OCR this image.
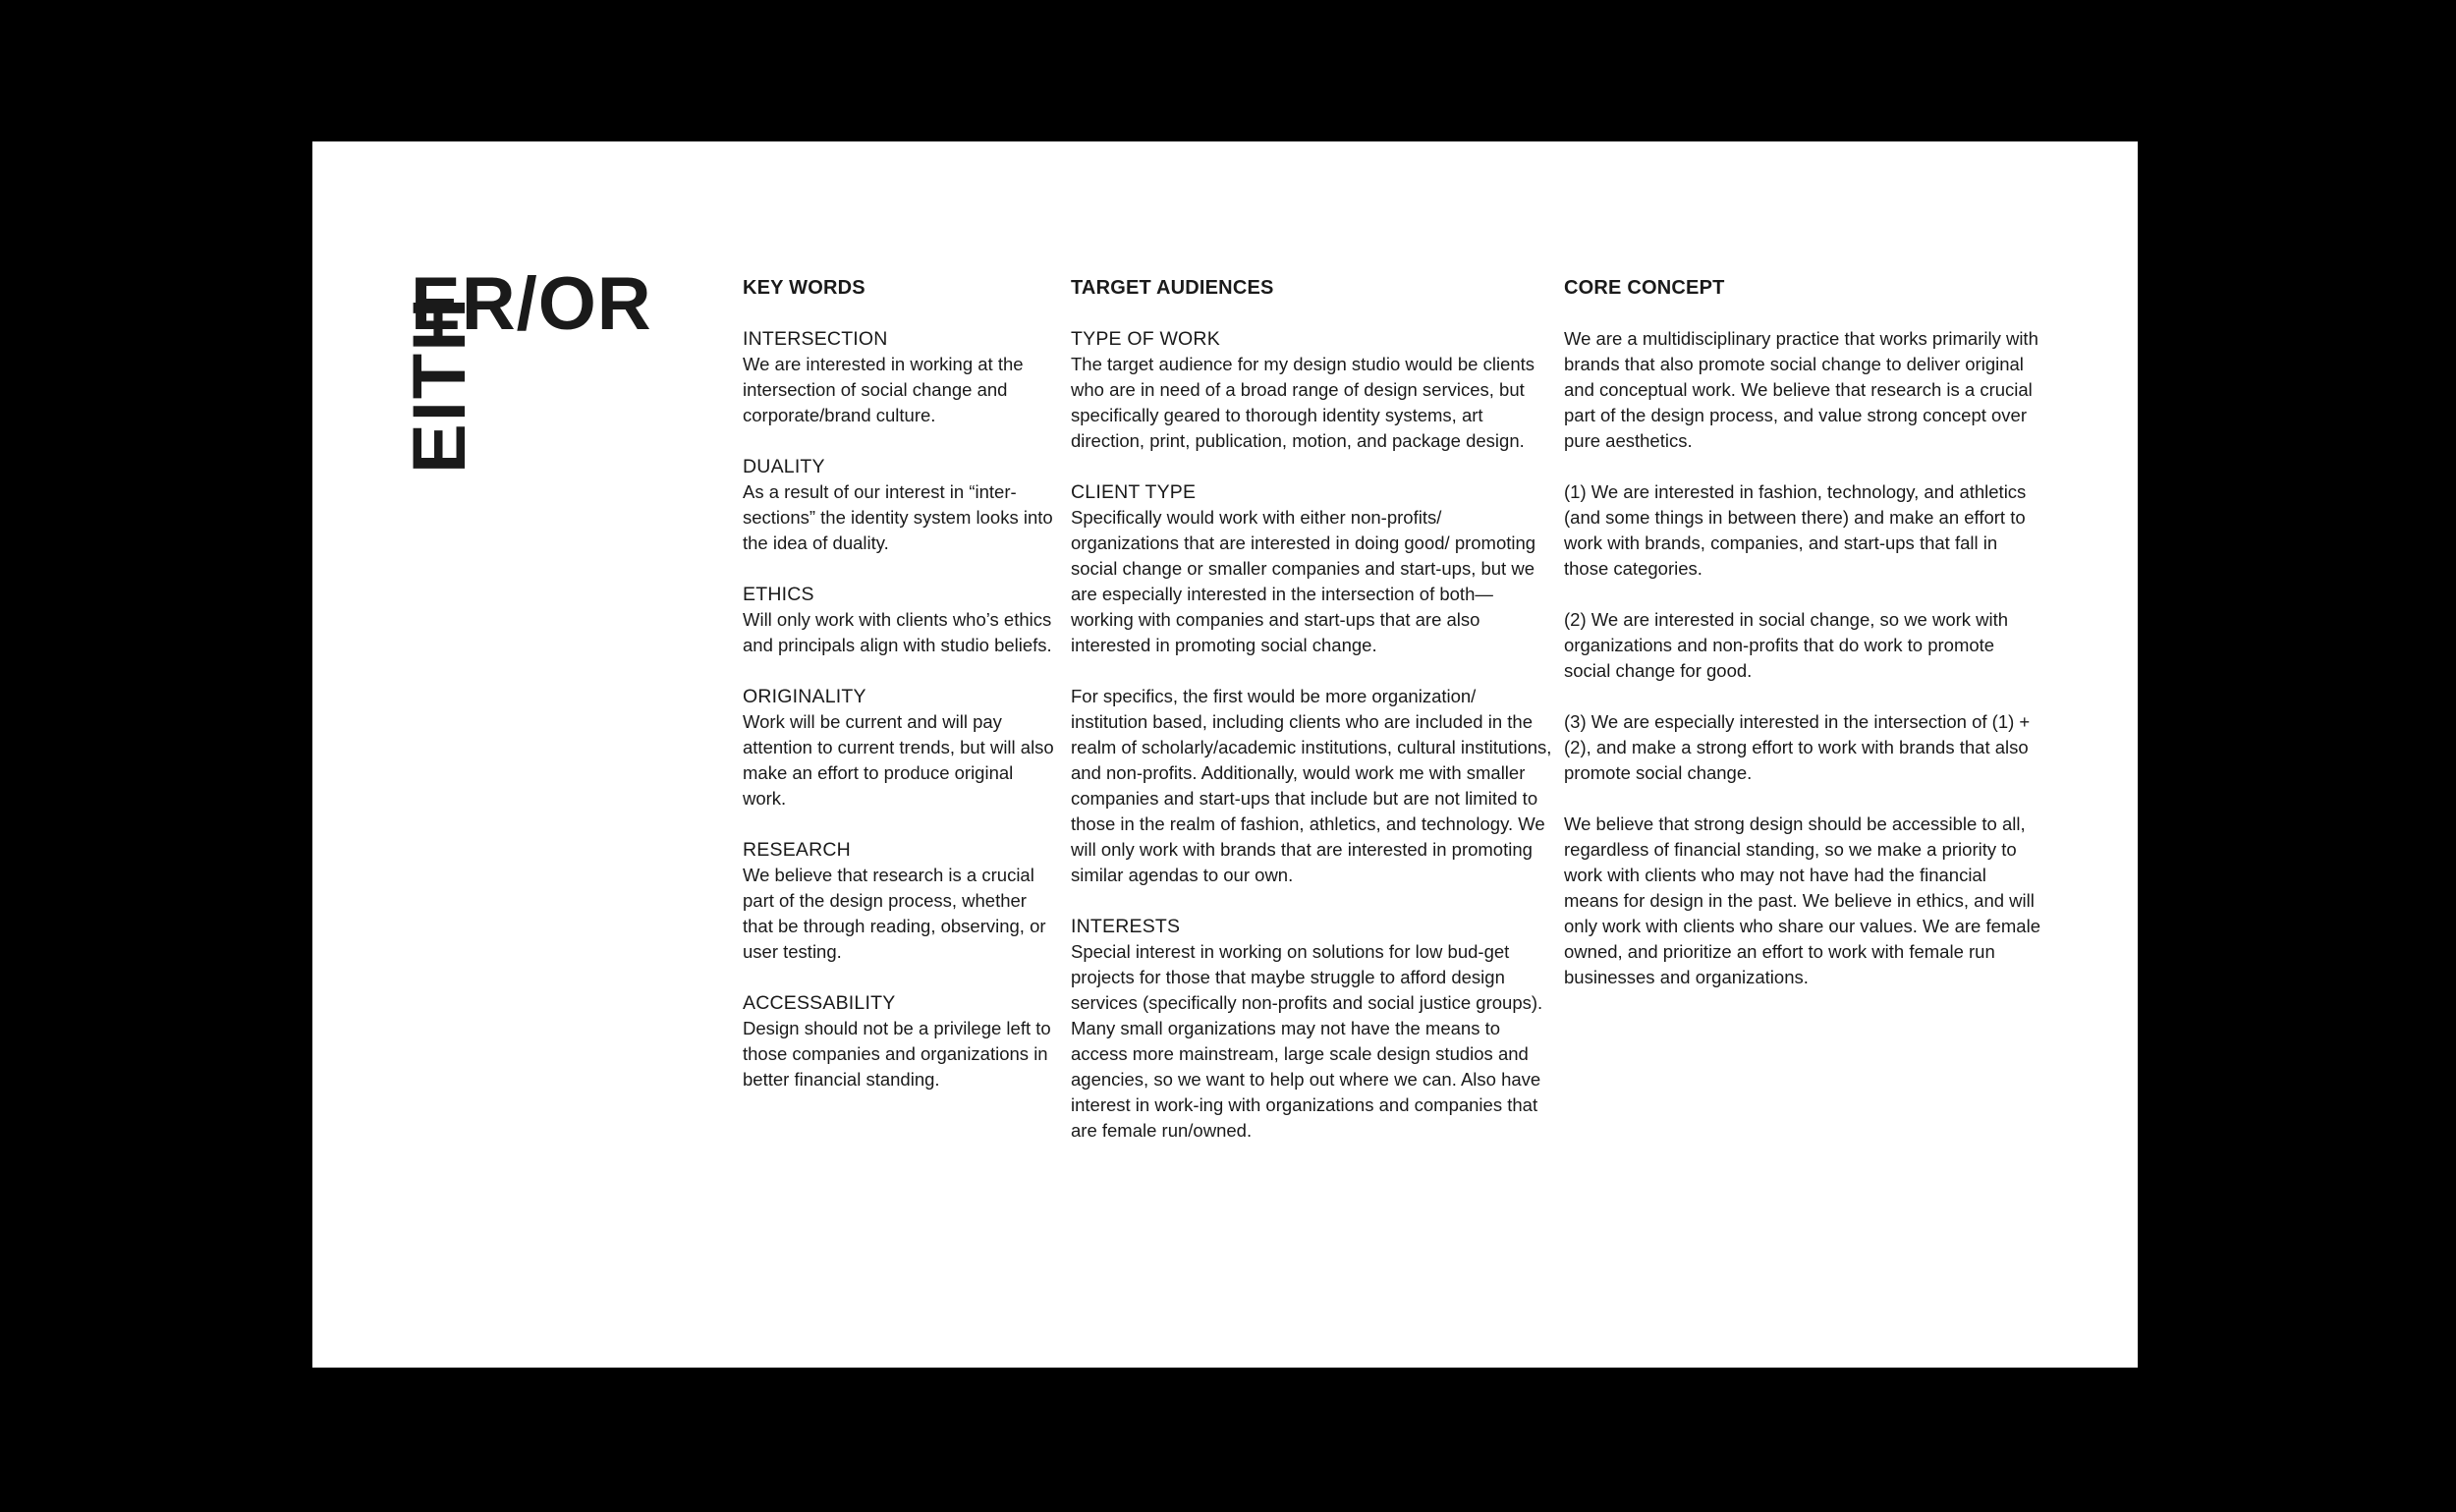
ER/OR
EITH
KEY WORDS
INTERSECTION
We are interested in working at the intersection of social change and corporate/brand culture.
DUALITY
As a result of our interest in “inter-sections” the identity system looks into the idea of duality.
ETHICS
Will only work with clients who’s ethics and principals align with studio beliefs.
ORIGINALITY
Work will be current and will pay attention to current trends, but will also make an effort to produce original work.
RESEARCH
We believe that research is a crucial part of the design process, whether that be through reading, observing, or user testing.
ACCESSABILITY
Design should not be a privilege left to those companies and organizations in better financial standing.
TARGET AUDIENCES
TYPE OF WORK
The target audience for my design studio would be clients who are in need of a broad range of design services, but specifically geared to thorough identity systems, art direction, print, publication, motion, and package design.
CLIENT TYPE
Specifically would work with either non-profits/ organizations that are interested in doing good/ promoting social change or smaller companies and start-ups, but we are especially interested in the intersection of both—working with companies and start-ups that are also interested in promoting social change.

For specifics, the first would be more organization/ institution based, including clients who are included in the realm of scholarly/academic institutions, cultural institutions, and non-profits. Additionally, would work me with smaller companies and start-ups that include but are not limited to those in the realm of fashion, athletics, and technology. We will only work with brands that are interested in promoting similar agendas to our own.

INTERESTS
Special interest in working on solutions for low bud-get projects for those that maybe struggle to afford design services (specifically non-profits and social justice groups). Many small organizations may not have the means to access more mainstream, large scale design studios and agencies, so we want to help out where we can. Also have interest in work-ing with organizations and companies that are female run/owned.
CORE CONCEPT

We are a multidisciplinary practice that works primarily with brands that also promote social change to deliver original and conceptual work. We believe that research is a crucial part of the design process, and value strong concept over pure aesthetics.

(1) We are interested in fashion, technology, and athletics (and some things in between there) and make an effort to work with brands, companies, and start-ups that fall in those categories.

(2) We are interested in social change, so we work with organizations and non-profits that do work to promote social change for good.

(3) We are especially interested in the intersection of (1) + (2), and make a strong effort to work with brands that also promote social change.

We believe that strong design should be accessible to all, regardless of financial standing, so we make a priority to work with clients who may not have had the financial means for design in the past. We believe in ethics, and will only work with clients who share our values. We are female owned, and prioritize an effort to work with female run businesses and organizations.
